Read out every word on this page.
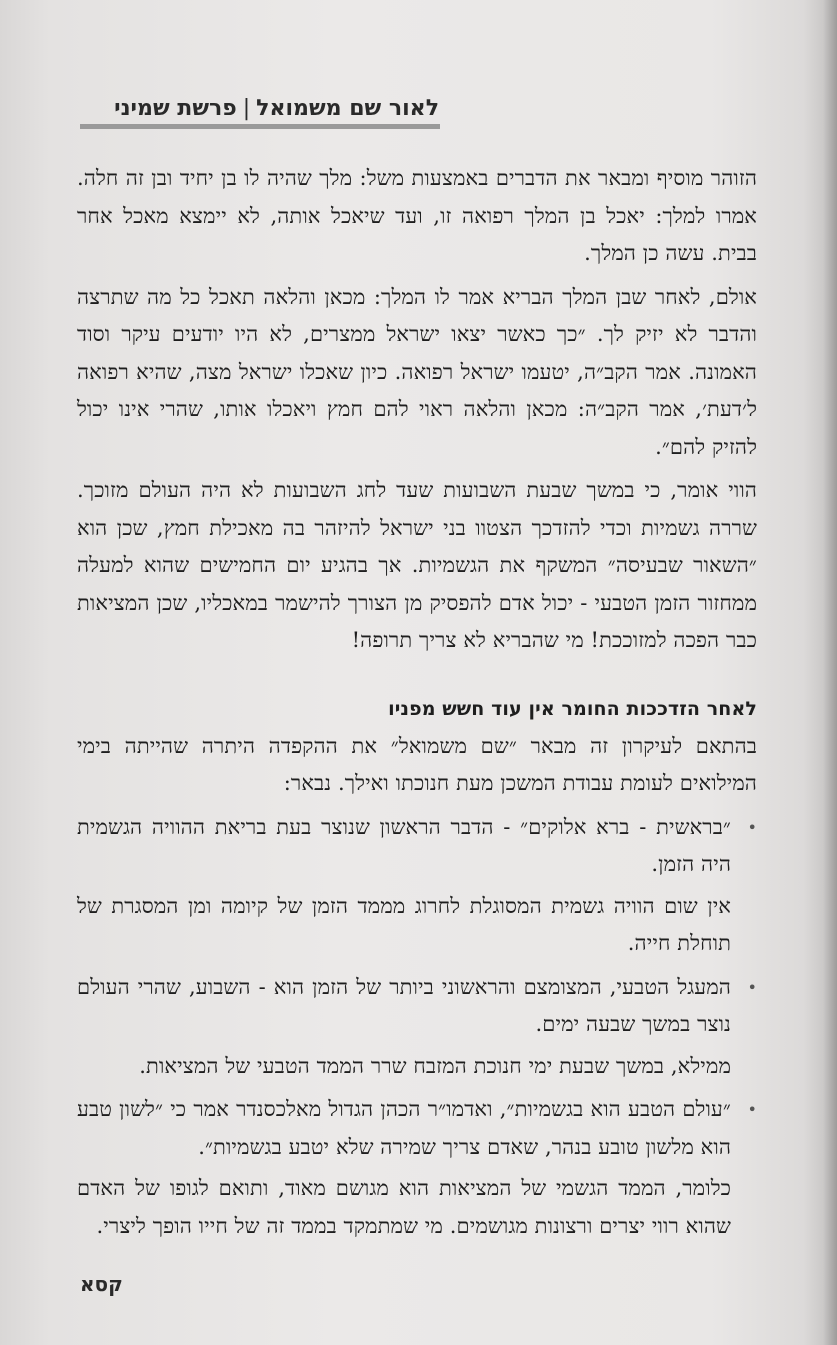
לאור שם משמואל|פרשת שמיני

הזוהר מוסיף ומבאר את הדברים באמצעות משל: מלך שהיה לו בן יחיד ובן זה חלה. אמרו למלך: יאכל בן המלך רפואה זו, ועד שיאכל אותה, לא יימצא מאכל אחר בבית. עשה כן המלך.

אולם, לאחר שבן המלך הבריא אמר לו המלך: מכאן והלאה תאכל כל מה שתרצה והדבר לא יזיק לך. ״כך כאשר יצאו ישראל ממצרים, לא היו יודעים עיקר וסוד האמונה. אמר הקב״ה, יטעמו ישראל רפואה. כיון שאכלו ישראל מצה, שהיא רפואה ל׳דעת׳, אמר הקב״ה: מכאן והלאה ראוי להם חמץ ויאכלו אותו, שהרי אינו יכול להזיק להם״.

הווי אומר, כי במשך שבעת השבועות שעד לחג השבועות לא היה העולם מזוכך. שררה גשמיות וכדי להזדכך הצטוו בני ישראל להיזהר בה מאכילת חמץ, שכן הוא ״השאור שבעיסה״ המשקף את הגשמיות. אך בהגיע יום החמישים שהוא למעלה ממחזור הזמן הטבעי - יכול אדם להפסיק מן הצורך להישמר במאכליו, שכן המציאות כבר הפכה למזוככת! מי שהבריא לא צריך תרופה!

לאחר הזדככות החומר אין עוד חשש מפניו

בהתאם לעיקרון זה מבאר ״שם משמואל״ את ההקפדה היתרה שהייתה בימי המילואים לעומת עבודת המשכן מעת חנוכתו ואילך. נבאר:

•
״בראשית - ברא אלוקים״ - הדבר הראשון שנוצר בעת בריאת ההוויה הגשמית היה הזמן.
אין שום הוויה גשמית המסוגלת לחרוג מממד הזמן של קיומה ומן המסגרת של תוחלת חייה.
•
המעגל הטבעי, המצומצם והראשוני ביותר של הזמן הוא - השבוע, שהרי העולם נוצר במשך שבעה ימים.
ממילא, במשך שבעת ימי חנוכת המזבח שרר הממד הטבעי של המציאות.
•
״עולם הטבע הוא בגשמיות״, ואדמו״ר הכהן הגדול מאלכסנדר אמר כי ״לשון טבע הוא מלשון טובע בנהר, שאדם צריך שמירה שלא יטבע בגשמיות״.
כלומר, הממד הגשמי של המציאות הוא מגושם מאוד, ותואם לגופו של האדם שהוא רווי יצרים ורצונות מגושמים. מי שמתמקד בממד זה של חייו הופך ליצרי.
קסא
